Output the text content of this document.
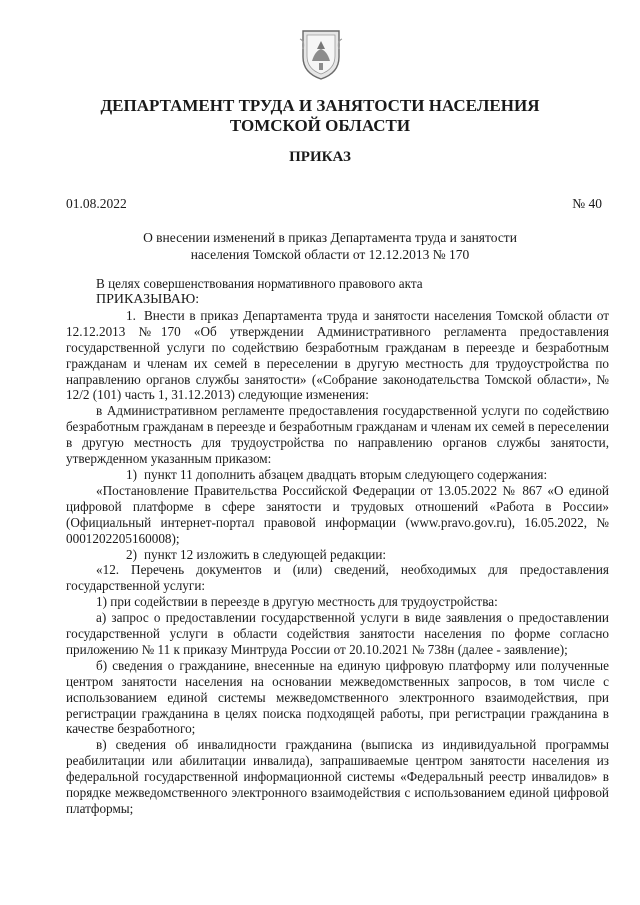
ДЕПАРТАМЕНТ ТРУДА И ЗАНЯТОСТИ НАСЕЛЕНИЯ
ТОМСКОЙ ОБЛАСТИ
ПРИКАЗ
01.08.2022	№ 40
О внесении изменений в приказ Департамента труда и занятости
населения Томской области от 12.12.2013 № 170

В целях совершенствования нормативного правового акта

ПРИКАЗЫВАЮ:

1. Внести в приказ Департамента труда и занятости населения Томской области от 12.12.2013 №170 «Об утверждении Административного регламента предоставления государственной услуги по содействию безработным гражданам в переезде и безработным гражданам и членам их семей в переселении в другую местность для трудоустройства по направлению органов службы занятости» («Собрание законодательства Томской области», № 12/2 (101) часть 1, 31.12.2013) следующие изменения:

в Административном регламенте предоставления государственной услуги по содействию безработным гражданам в переезде и безработным гражданам и членам их семей в переселении в другую местность для трудоустройства по направлению органов службы занятости, утвержденном указанным приказом:

1) пункт 11 дополнить абзацем двадцать вторым следующего содержания:

«Постановление Правительства Российской Федерации от 13.05.2022 № 867 «О единой цифровой платформе в сфере занятости и трудовых отношений «Работа в России» (Официальный интернет-портал правовой информации (www.pravo.gov.ru), 16.05.2022, № 0001202205160008);

2) пункт 12 изложить в следующей редакции:

«12. Перечень документов и (или) сведений, необходимых для предоставления государственной услуги:

1) при содействии в переезде в другую местность для трудоустройства:

а) запрос о предоставлении государственной услуги в виде заявления о предоставлении государственной услуги в области содействия занятости населения по форме согласно приложению № 11 к приказу Минтруда России от 20.10.2021 № 738н (далее - заявление);

б) сведения о гражданине, внесенные на единую цифровую платформу или полученные центром занятости населения на основании межведомственных запросов, в том числе с использованием единой системы межведомственного электронного взаимодействия, при регистрации гражданина в целях поиска подходящей работы, при регистрации гражданина в качестве безработного;

в) сведения об инвалидности гражданина (выписка из индивидуальной программы реабилитации или абилитации инвалида), запрашиваемые центром занятости населения из федеральной государственной информационной системы «Федеральный реестр инвалидов» в порядке межведомственного электронного взаимодействия с использованием единой цифровой платформы;
